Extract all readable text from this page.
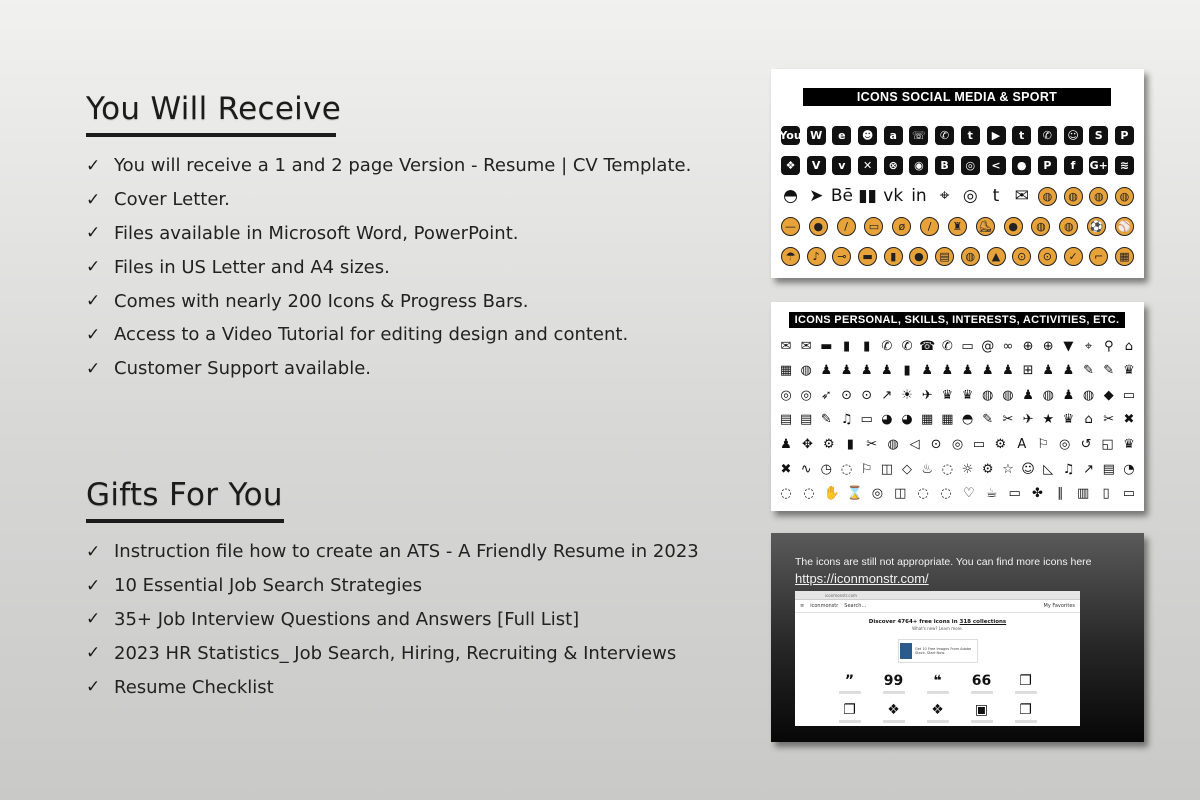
You Will Receive
✓ You will receive a 1 and 2 page Version - Resume | CV Template.
✓ Cover Letter.
✓ Files available in Microsoft Word, PowerPoint.
✓ Files in US Letter and A4 sizes.
✓ Comes with nearly 200 Icons & Progress Bars.
✓ Access to a Video Tutorial for editing design and content.
✓ Customer Support available.
Gifts For You
✓ Instruction file how to create an ATS - A Friendly Resume in 2023
✓ 10 Essential Job Search Strategies
✓ 35+ Job Interview Questions and Answers [Full List]
✓ 2023 HR Statistics_ Job Search, Hiring, Recruiting & Interviews
✓ Resume Checklist
ICONS SOCIAL MEDIA & SPORT
You W	e	☻	a	☏	✆	t	▶	t	✆	☺	S	P
❖	V	v	✕	⊗	◉	B	◎	<	●	P	f	G+	≋
◓ ➤ Bē ▮▮ vk in ⌖ ◎ t ✉	◍	◍	◍	◍
—	●	/	▭	ø	/	♜	⛸	●	◍	◍	⚽ ⚾
☂	♪	⊸	▬	▮	●	▤	◍	▲	⊙	⊙	✓	⌐	▦
ICONS PERSONAL, SKILLS, INTERESTS, ACTIVITIES, ETC.
✉ ✉ ▬ ▮ ▮ ✆ ✆ ☎ ✆ ▭ @ ∞ ⊕ ⊕ ▼ ⌖ ⚲ ⌂
▦ ◍ ♟ ♟ ♟ ♟ ▮ ♟ ♟ ♟ ♟ ♟ ⊞ ♟ ♟ ✎ ✎ ♛
◎ ◎ ➶ ⊙ ⊙ ↗ ☀ ✈ ♛ ♛ ◍ ◍ ♟ ◍ ♟ ◍ ◆ ▭
▤ ▤ ✎ ♫ ▭ ◕ ◕ ▦ ▦ ◓ ✎ ✂ ✈ ★ ♛ ⌂ ✂ ✖
♟ ✥ ⚙ ▮ ✂ ◍ ◁ ⊙ ◎ ▭ ⚙ A ⚐ ◎ ↺ ◱ ♛
✖ ∿ ◷ ◌ ⚐ ◫ ◇ ♨ ◌ ☼ ⚙ ☆ ☺ ◺ ♫ ↗ ▤ ◔
◌ ◌ ✋ ⌛ ◎ ◫ ◌ ◌ ♡ ☕ ▭ ✤ ∥ ▥ ▯ ▭
The icons are still not appropriate. You can find more icons here
https://iconmonstr.com/
iconmonstr.com
≡ iconmonstr Search...	My Favorites
Discover 4764+ free icons in 318 collections
What's new? Learn more.
Get 10 Free Images From Adobe Stock. Start Now.
” 99 ❝ 66 ❐
❐ ❖ ❖ ▣ ❐
